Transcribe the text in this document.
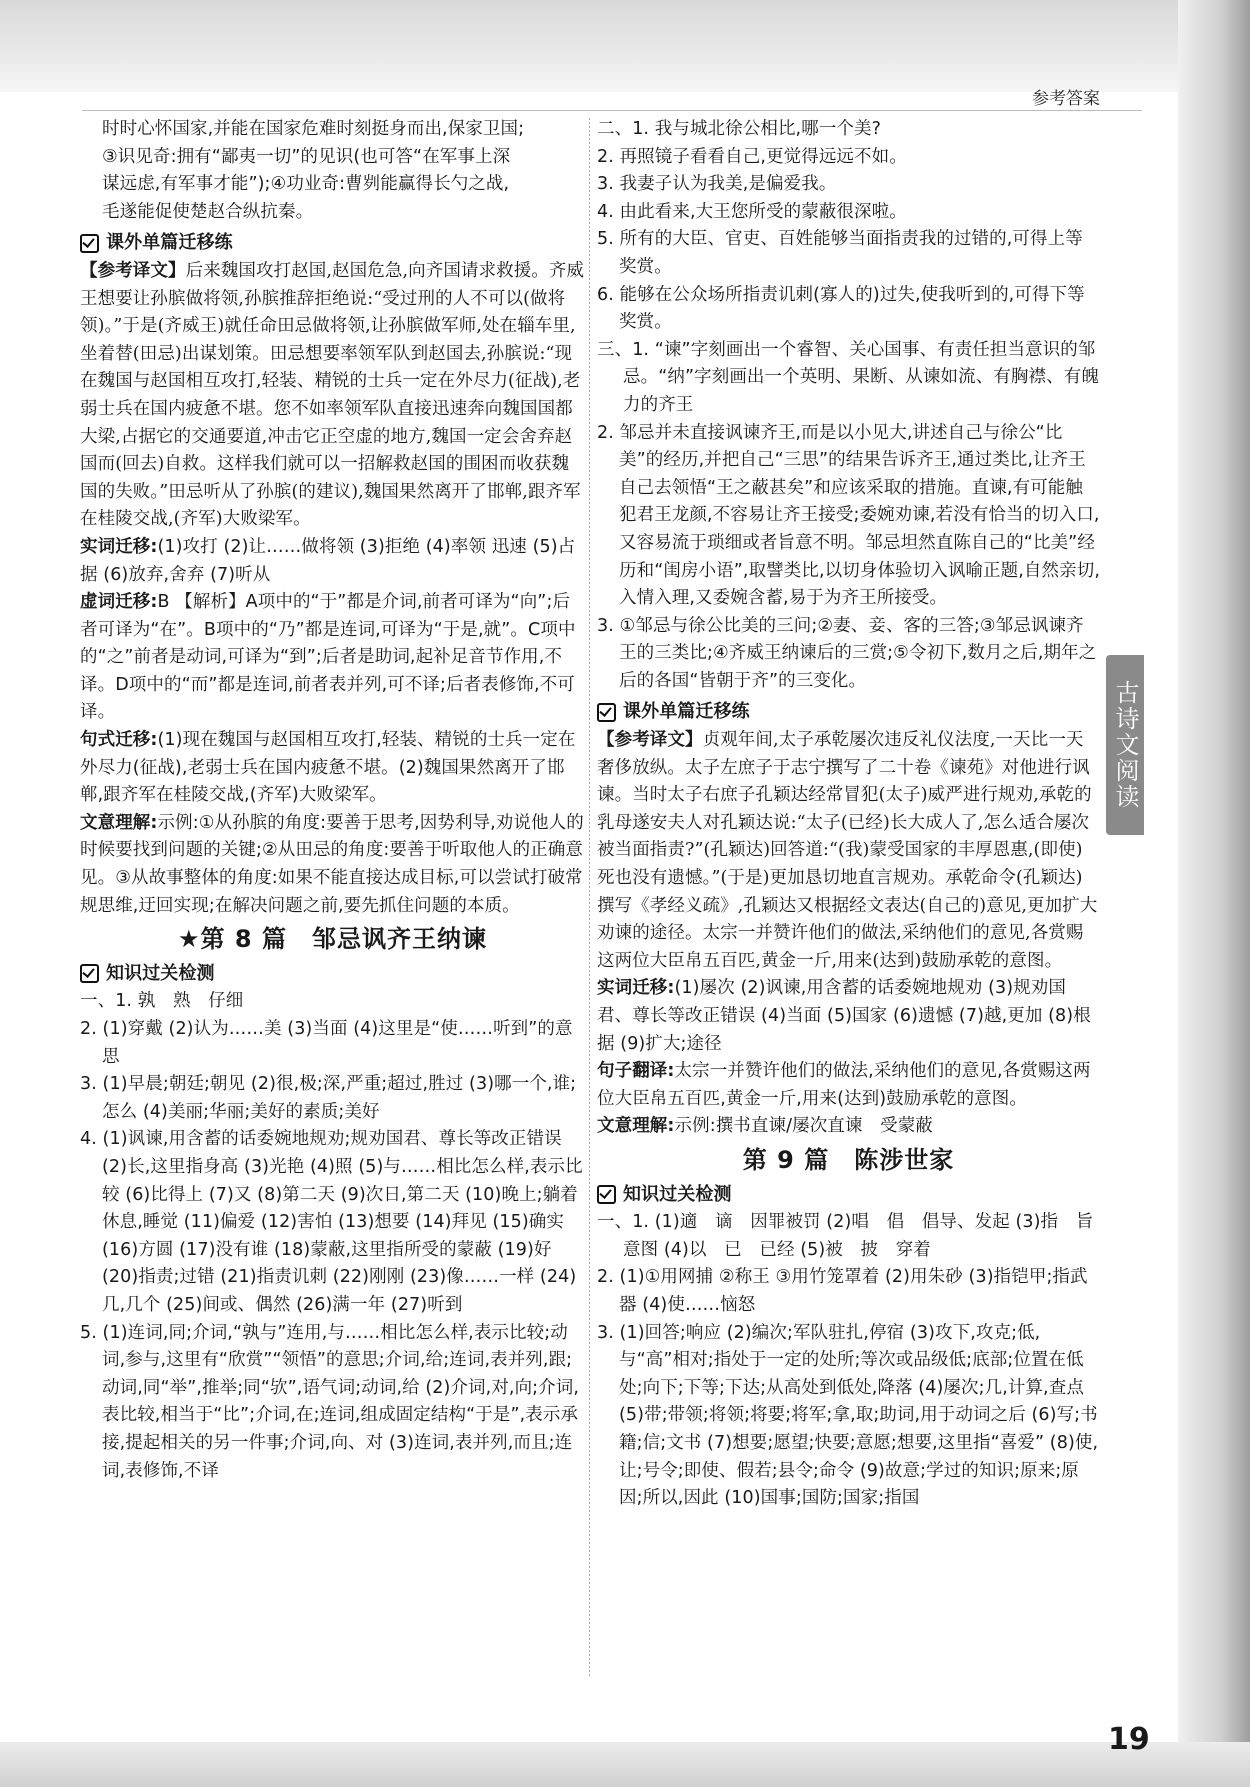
参考答案

时时心怀国家,并能在国家危难时刻挺身而出,保家卫国;

③识见奇:拥有“鄙夷一切”的见识(也可答“在军事上深

谋远虑,有军事才能”);④功业奇:曹刿能赢得长勺之战,

毛遂能促使楚赵合纵抗秦。

课外单篇迁移练

【参考译文】后来魏国攻打赵国,赵国危急,向齐国请求救援。齐威王想要让孙膑做将领,孙膑推辞拒绝说:“受过刑的人不可以(做将领)。”于是(齐威王)就任命田忌做将领,让孙膑做军师,处在辎车里,坐着替(田忌)出谋划策。田忌想要率领军队到赵国去,孙膑说:“现在魏国与赵国相互攻打,轻装、精锐的士兵一定在外尽力(征战),老弱士兵在国内疲惫不堪。您不如率领军队直接迅速奔向魏国国都大梁,占据它的交通要道,冲击它正空虚的地方,魏国一定会舍弃赵国而(回去)自救。这样我们就可以一招解救赵国的围困而收获魏国的失败。”田忌听从了孙膑(的建议),魏国果然离开了邯郸,跟齐军在桂陵交战,(齐军)大败梁军。

实词迁移:(1)攻打 (2)让……做将领 (3)拒绝 (4)率领 迅速 (5)占据 (6)放弃,舍弃 (7)听从

虚词迁移:B 【解析】A项中的“于”都是介词,前者可译为“向”;后者可译为“在”。B项中的“乃”都是连词,可译为“于是,就”。C项中的“之”前者是动词,可译为“到”;后者是助词,起补足音节作用,不译。D项中的“而”都是连词,前者表并列,可不译;后者表修饰,不可译。

句式迁移:(1)现在魏国与赵国相互攻打,轻装、精锐的士兵一定在外尽力(征战),老弱士兵在国内疲惫不堪。(2)魏国果然离开了邯郸,跟齐军在桂陵交战,(齐军)大败梁军。

文意理解:示例:①从孙膑的角度:要善于思考,因势利导,劝说他人的时候要找到问题的关键;②从田忌的角度:要善于听取他人的正确意见。③从故事整体的角度:如果不能直接达成目标,可以尝试打破常规思维,迂回实现;在解决问题之前,要先抓住问题的本质。

★第 8 篇　邹忌讽齐王纳谏
知识过关检测

一、1. 孰　熟　仔细

2. (1)穿戴 (2)认为……美 (3)当面 (4)这里是“使……听到”的意思

3. (1)早晨;朝廷;朝见 (2)很,极;深,严重;超过,胜过 (3)哪一个,谁;怎么 (4)美丽;华丽;美好的素质;美好

4. (1)讽谏,用含蓄的话委婉地规劝;规劝国君、尊长等改正错误 (2)长,这里指身高 (3)光艳 (4)照 (5)与……相比怎么样,表示比较 (6)比得上 (7)又 (8)第二天 (9)次日,第二天 (10)晚上;躺着休息,睡觉 (11)偏爱 (12)害怕 (13)想要 (14)拜见 (15)确实 (16)方圆 (17)没有谁 (18)蒙蔽,这里指所受的蒙蔽 (19)好 (20)指责;过错 (21)指责讥刺 (22)刚刚 (23)像……一样 (24)几,几个 (25)间或、偶然 (26)满一年 (27)听到

5. (1)连词,同;介词,“孰与”连用,与……相比怎么样,表示比较;动词,参与,这里有“欣赏”“领悟”的意思;介词,给;连词,表并列,跟;动词,同“举”,推举;同“欤”,语气词;动词,给 (2)介词,对,向;介词,表比较,相当于“比”;介词,在;连词,组成固定结构“于是”,表示承接,提起相关的另一件事;介词,向、对 (3)连词,表并列,而且;连词,表修饰,不译

二、1. 我与城北徐公相比,哪一个美?

2. 再照镜子看看自己,更觉得远远不如。

3. 我妻子认为我美,是偏爱我。

4. 由此看来,大王您所受的蒙蔽很深啦。

5. 所有的大臣、官吏、百姓能够当面指责我的过错的,可得上等奖赏。

6. 能够在公众场所指责讥刺(寡人的)过失,使我听到的,可得下等奖赏。

三、1. “谏”字刻画出一个睿智、关心国事、有责任担当意识的邹忌。“纳”字刻画出一个英明、果断、从谏如流、有胸襟、有魄力的齐王

2. 邹忌并未直接讽谏齐王,而是以小见大,讲述自己与徐公“比美”的经历,并把自己“三思”的结果告诉齐王,通过类比,让齐王自己去领悟“王之蔽甚矣”和应该采取的措施。直谏,有可能触犯君王龙颜,不容易让齐王接受;委婉劝谏,若没有恰当的切入口,又容易流于琐细或者旨意不明。邹忌坦然直陈自己的“比美”经历和“闺房小语”,取譬类比,以切身体验切入讽喻正题,自然亲切,入情入理,又委婉含蓄,易于为齐王所接受。

3. ①邹忌与徐公比美的三问;②妻、妾、客的三答;③邹忌讽谏齐王的三类比;④齐威王纳谏后的三赏;⑤令初下,数月之后,期年之后的各国“皆朝于齐”的三变化。

课外单篇迁移练

【参考译文】贞观年间,太子承乾屡次违反礼仪法度,一天比一天奢侈放纵。太子左庶子于志宁撰写了二十卷《谏苑》对他进行讽谏。当时太子右庶子孔颖达经常冒犯(太子)威严进行规劝,承乾的乳母遂安夫人对孔颖达说:“太子(已经)长大成人了,怎么适合屡次被当面指责?”(孔颖达)回答道:“(我)蒙受国家的丰厚恩惠,(即使)死也没有遗憾。”(于是)更加恳切地直言规劝。承乾命令(孔颖达)撰写《孝经义疏》,孔颖达又根据经文表达(自己的)意见,更加扩大劝谏的途径。太宗一并赞许他们的做法,采纳他们的意见,各赏赐这两位大臣帛五百匹,黄金一斤,用来(达到)鼓励承乾的意图。

实词迁移:(1)屡次 (2)讽谏,用含蓄的话委婉地规劝 (3)规劝国君、尊长等改正错误 (4)当面 (5)国家 (6)遗憾 (7)越,更加 (8)根据 (9)扩大;途径

句子翻译:太宗一并赞许他们的做法,采纳他们的意见,各赏赐这两位大臣帛五百匹,黄金一斤,用来(达到)鼓励承乾的意图。

文意理解:示例:撰书直谏/屡次直谏　受蒙蔽

第 9 篇　陈涉世家
知识过关检测

一、1. (1)適　谪　因罪被罚 (2)唱　倡　倡导、发起 (3)指　旨　意图 (4)以　已　已经 (5)被　披　穿着

2. (1)①用网捕 ②称王 ③用竹笼罩着 (2)用朱砂 (3)指铠甲;指武器 (4)使……恼怒

3. (1)回答;响应 (2)编次;军队驻扎,停宿 (3)攻下,攻克;低,与“高”相对;指处于一定的处所;等次或品级低;底部;位置在低处;向下;下等;下达;从高处到低处,降落 (4)屡次;几,计算,查点 (5)带;带领;将领;将要;将军;拿,取;助词,用于动词之后 (6)写;书籍;信;文书 (7)想要;愿望;快要;意愿;想要,这里指“喜爱” (8)使,让;号令;即使、假若;县令;命令 (9)故意;学过的知识;原来;原因;所以,因此 (10)国事;国防;国家;指国

古诗文阅读
19
